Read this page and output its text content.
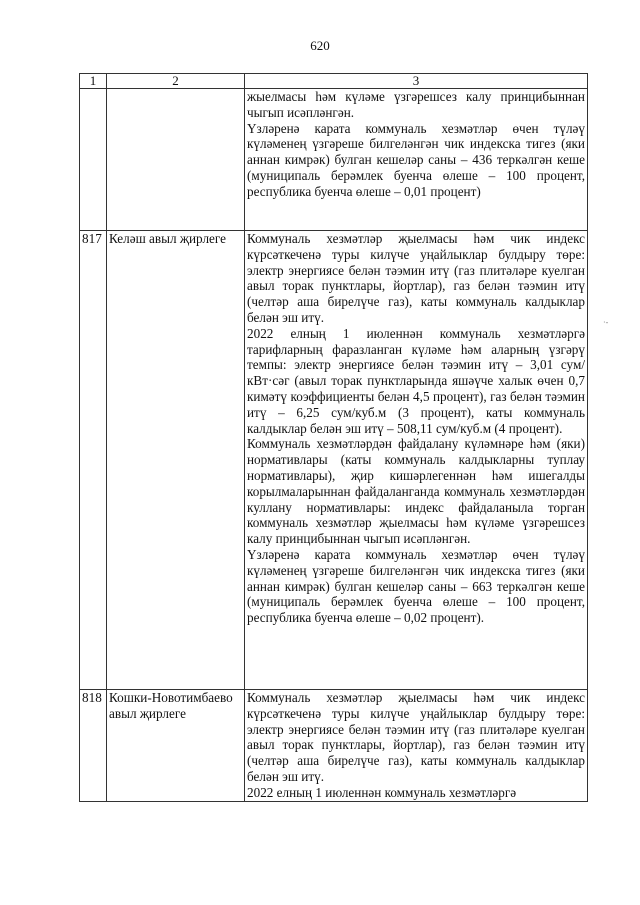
620
1	2	3

		жыелмасы һәм күләме үзгәрешсез калу принцибыннан чыгып исәпләнгән.

Үзләренә карата коммуналь хезмәтләр өчен түләү күләменең үзгәреше билгеләнгән чик индекска тигез (яки аннан кимрәк) булган кешеләр саны – 436 теркәлгән кеше (муниципаль берәмлек буенча өлеше – 100 процент, республика буенча өлеше – 0,01 процент)

817	Келәш авыл җирлеге	Коммуналь хезмәтләр җыелмасы һәм чик индекс күрсәткеченә туры килүче уңайлыклар булдыру төре: электр энергиясе белән тәэмин итү (газ плитәләре куелган авыл торак пунктлары, йортлар), газ белән тәэмин итү (челтәр аша бирелүче газ), каты коммуналь калдыклар белән эш итү.

2022 елның 1 июленнән коммуналь хезмәтләргә тарифларның фаразланган күләме һәм аларның үзгәрү темпы: электр энергиясе белән тәэмин итү – 3,01 сум/кВт·сәг (авыл торак пунктларында яшәүче халык өчен 0,7 кимәтү коэффициенты белән 4,5 процент), газ белән тәэмин итү – 6,25 сум/куб.м (3 процент), каты коммуналь калдыклар белән эш итү – 508,11 сум/куб.м (4 процент).

Коммуналь хезмәтләрдән файдалану күләмнәре һәм (яки) нормативлары (каты коммуналь калдыкларны туплау нормативлары), җир кишәрлегеннән һәм ишегалды корылмаларыннан файдаланганда коммуналь хезмәтләрдән куллану нормативлары: индекс файдаланыла торган коммуналь хезмәтләр җыелмасы һәм күләме үзгәрешсез калу принцибыннан чыгып исәпләнгән.

Үзләренә карата коммуналь хезмәтләр өчен түләү күләменең үзгәреше билгеләнгән чик индекска тигез (яки аннан кимрәк) булган кешеләр саны – 663 теркәлгән кеше (муниципаль берәмлек буенча өлеше – 100 процент, республика буенча өлеше – 0,02 процент).

818	Кошки-Новотимбаево авыл җирлеге	Коммуналь хезмәтләр җыелмасы һәм чик индекс күрсәткеченә туры килүче уңайлыклар булдыру төре: электр энергиясе белән тәэмин итү (газ плитәләре куелган авыл торак пунктлары, йортлар), газ белән тәэмин итү (челтәр аша бирелүче газ), каты коммуналь калдыклар белән эш итү.

2022 елның 1 июленнән коммуналь хезмәтләргә

·-
